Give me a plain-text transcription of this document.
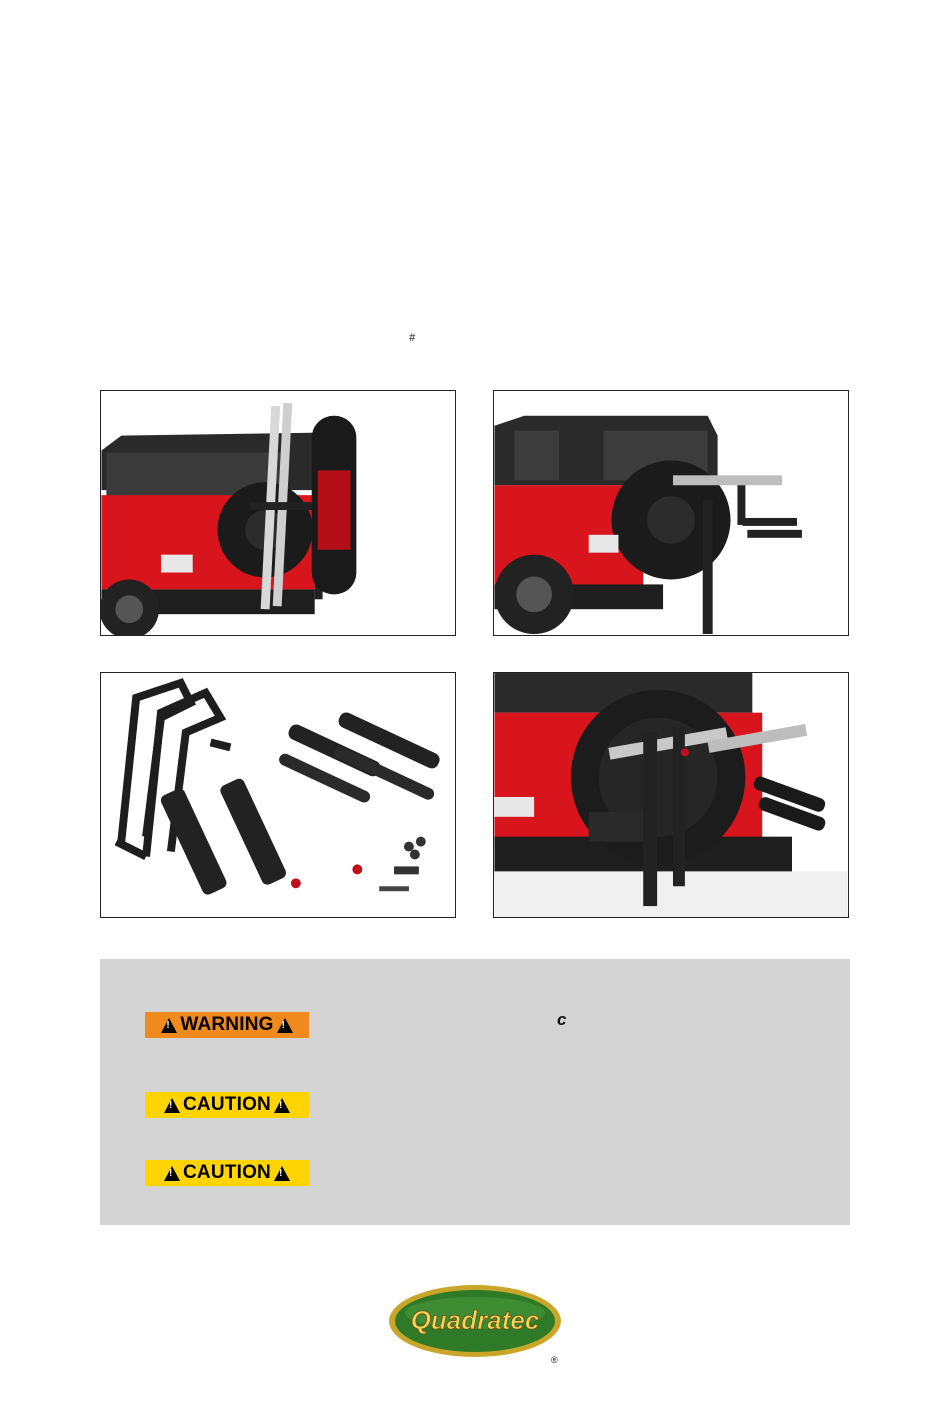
#
!
WARNING
!	c
!
CAUTION
!
!
CAUTION
!
Quadratec
®
